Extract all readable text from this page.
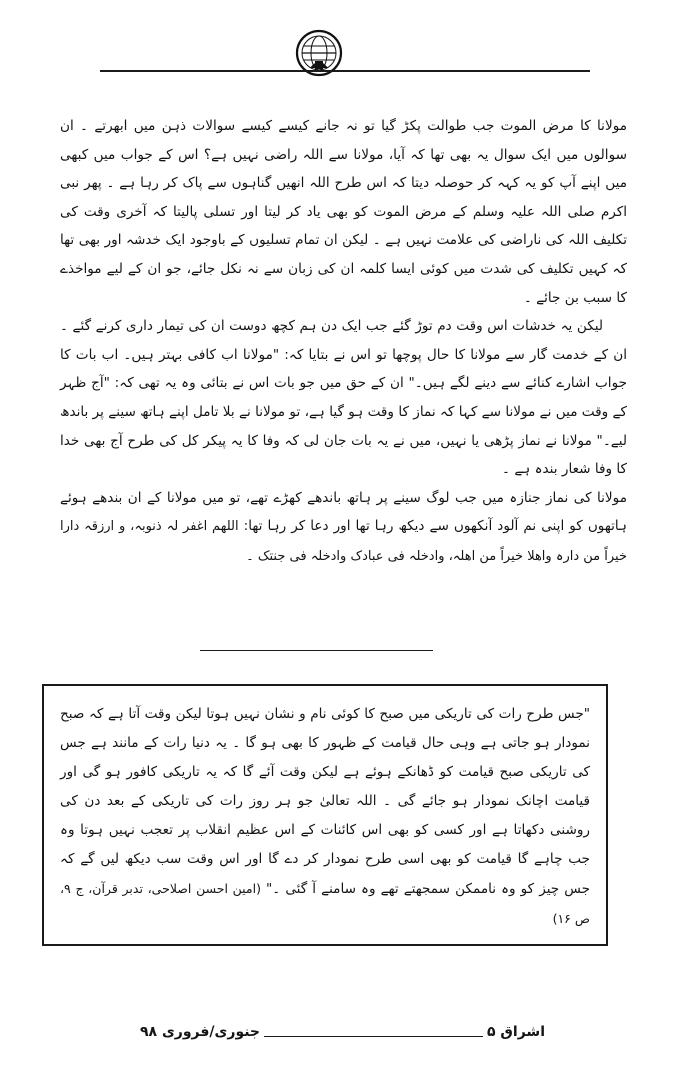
مولانا کا مرض الموت جب طوالت پکڑ گیا تو نہ جانے کیسے کیسے سوالات ذہن میں ابھرتے ۔ ان سوالوں میں ایک سوال یہ بھی تھا کہ آیا، مولانا سے اللہ راضی نہیں ہے؟ اس کے جواب میں کبھی میں اپنے آپ کو یہ کہہ کر حوصلہ دیتا کہ اس طرح اللہ انھیں گناہوں سے پاک کر رہا ہے ۔ پھر نبی اکرم صلی اللہ علیہ وسلم کے مرض الموت کو بھی یاد کر لیتا اور تسلی پالیتا کہ آخری وقت کی تکلیف اللہ کی ناراضی کی علامت نہیں ہے ۔ لیکن ان تمام تسلیوں کے باوجود ایک خدشہ اور بھی تھا کہ کہیں تکلیف کی شدت میں کوئی ایسا کلمہ ان کی زبان سے نہ نکل جائے، جو ان کے لیے مواخذے کا سبب بن جائے ۔

لیکن یہ خدشات اس وقت دم توڑ گئے جب ایک دن ہم کچھ دوست ان کی تیمار داری کرنے گئے ۔ ان کے خدمت گار سے مولانا کا حال پوچھا تو اس نے بتایا کہ: "مولانا اب کافی بہتر ہیں۔ اب بات کا جواب اشارے کنائے سے دینے لگے ہیں۔" ان کے حق میں جو بات اس نے بتائی وہ یہ تھی کہ: "آج ظہر کے وقت میں نے مولانا سے کہا کہ نماز کا وقت ہو گیا ہے، تو مولانا نے بلا تامل اپنے ہاتھ سینے پر باندھ لیے۔" مولانا نے نماز پڑھی یا نہیں، میں نے یہ بات جان لی کہ وفا کا یہ پیکر کل کی طرح آج بھی خدا کا وفا شعار بندہ ہے ۔

مولانا کی نماز جنازہ میں جب لوگ سینے پر ہاتھ باندھے کھڑے تھے، تو میں مولانا کے ان بندھے ہوئے ہاتھوں کو اپنی نم آلود آنکھوں سے دیکھ رہا تھا اور دعا کر رہا تھا: اللھم اغفر لہ ذنوبہ، و ارزقہ دارا خیراً من دارہ واھلا خیراً من اھلہ، وادخلہ فی عبادک وادخلہ فی جنتک ۔

"جس طرح رات کی تاریکی میں صبح کا کوئی نام و نشان نہیں ہوتا لیکن وقت آتا ہے کہ صبح نمودار ہو جاتی ہے وہی حال قیامت کے ظہور کا بھی ہو گا ۔ یہ دنیا رات کے مانند ہے جس کی تاریکی صبح قیامت کو ڈھانکے ہوئے ہے لیکن وقت آئے گا کہ یہ تاریکی کافور ہو گی اور قیامت اچانک نمودار ہو جائے گی ۔ اللہ تعالیٰ جو ہر روز رات کی تاریکی کے بعد دن کی روشنی دکھاتا ہے اور کسی کو بھی اس کائنات کے اس عظیم انقلاب پر تعجب نہیں ہوتا وہ جب چاہے گا قیامت کو بھی اسی طرح نمودار کر دے گا اور اس وقت سب دیکھ لیں گے کہ جس چیز کو وہ ناممکن سمجھتے تھے وہ سامنے آ گئی ۔" (امین احسن اصلاحی، تدبر قرآن، ج ۹، ص ۱۶)

اشراق ۵
جنوری/فروری ۹۸
